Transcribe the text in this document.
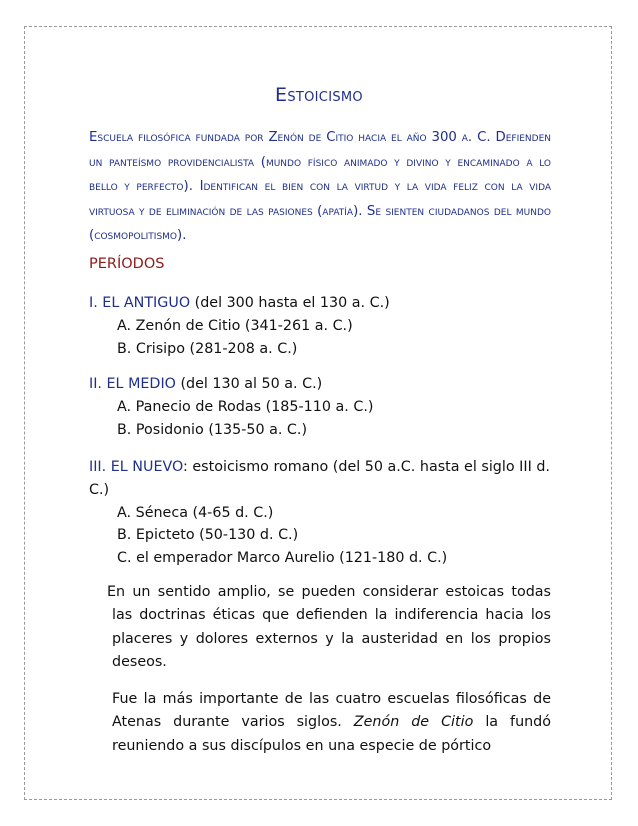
Estoicismo
Escuela filosófica fundada por Zenón de Citio hacia el año 300 a. C. Defienden un panteísmo providencialista (mundo físico animado y divino y encaminado a lo bello y perfecto). Identifican el bien con la virtud y la vida feliz con la vida virtuosa y de eliminación de las pasiones (apatía). Se sienten ciudadanos del mundo (cosmopolitismo).
PERÍODOS
I. EL ANTIGUO (del 300 hasta el 130 a. C.)
A. Zenón de Citio (341-261 a. C.)
B. Crisipo (281-208 a. C.)
II. EL MEDIO (del 130 al 50 a. C.)
A. Panecio de Rodas (185-110 a. C.)
B. Posidonio (135-50 a. C.)
III. EL NUEVO: estoicismo romano (del 50 a.C. hasta el siglo III d. C.)
A. Séneca (4-65 d. C.)
B. Epicteto (50-130 d. C.)
C. el emperador Marco Aurelio (121-180 d. C.)
En un sentido amplio, se pueden considerar estoicas todas las doctrinas éticas que defienden la indiferencia hacia los placeres y dolores externos y la austeridad en los propios deseos.
Fue la más importante de las cuatro escuelas filosóficas de Atenas durante varios siglos. Zenón de Citio la fundó reuniendo a sus discípulos en una especie de pórtico
